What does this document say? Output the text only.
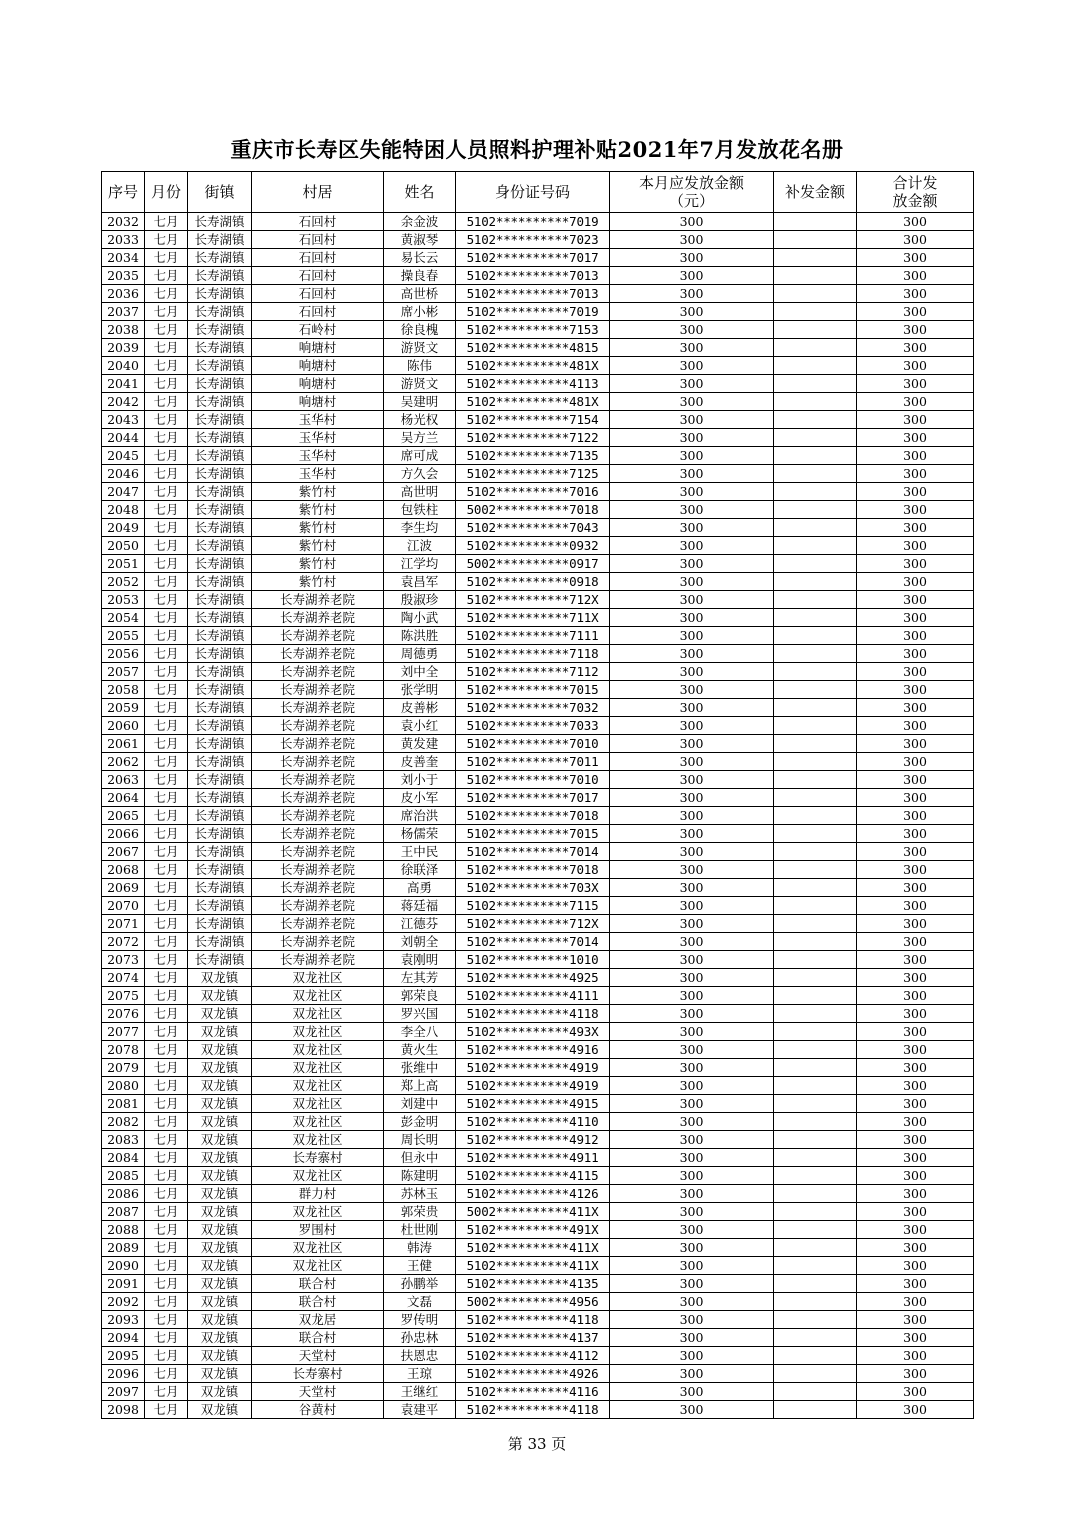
重庆市长寿区失能特困人员照料护理补贴2021年7月发放花名册
序号	月份	街镇	村居	姓名	身份证号码	本月应发放金额（元）	补发金额	合计发放金额
2032	七月	长寿湖镇	石回村	余金波	5102**********7019	300		300
2033	七月	长寿湖镇	石回村	黄淑琴	5102**********7023	300		300
2034	七月	长寿湖镇	石回村	易长云	5102**********7017	300		300
2035	七月	长寿湖镇	石回村	操良春	5102**********7013	300		300
2036	七月	长寿湖镇	石回村	高世桥	5102**********7013	300		300
2037	七月	长寿湖镇	石回村	席小彬	5102**********7019	300		300
2038	七月	长寿湖镇	石岭村	徐良槐	5102**********7153	300		300
2039	七月	长寿湖镇	响塘村	游贤文	5102**********4815	300		300
2040	七月	长寿湖镇	响塘村	陈伟	5102**********481X	300		300
2041	七月	长寿湖镇	响塘村	游贤文	5102**********4113	300		300
2042	七月	长寿湖镇	响塘村	吴建明	5102**********481X	300		300
2043	七月	长寿湖镇	玉华村	杨光权	5102**********7154	300		300
2044	七月	长寿湖镇	玉华村	吴方兰	5102**********7122	300		300
2045	七月	长寿湖镇	玉华村	席可成	5102**********7135	300		300
2046	七月	长寿湖镇	玉华村	方久会	5102**********7125	300		300
2047	七月	长寿湖镇	紫竹村	高世明	5102**********7016	300		300
2048	七月	长寿湖镇	紫竹村	包铁柱	5002**********7018	300		300
2049	七月	长寿湖镇	紫竹村	李生均	5102**********7043	300		300
2050	七月	长寿湖镇	紫竹村	江波	5102**********0932	300		300
2051	七月	长寿湖镇	紫竹村	江学均	5002**********0917	300		300
2052	七月	长寿湖镇	紫竹村	袁昌军	5102**********0918	300		300
2053	七月	长寿湖镇	长寿湖养老院	殷淑珍	5102**********712X	300		300
2054	七月	长寿湖镇	长寿湖养老院	陶小武	5102**********711X	300		300
2055	七月	长寿湖镇	长寿湖养老院	陈洪胜	5102**********7111	300		300
2056	七月	长寿湖镇	长寿湖养老院	周德勇	5102**********7118	300		300
2057	七月	长寿湖镇	长寿湖养老院	刘中全	5102**********7112	300		300
2058	七月	长寿湖镇	长寿湖养老院	张学明	5102**********7015	300		300
2059	七月	长寿湖镇	长寿湖养老院	皮善彬	5102**********7032	300		300
2060	七月	长寿湖镇	长寿湖养老院	袁小红	5102**********7033	300		300
2061	七月	长寿湖镇	长寿湖养老院	黄发建	5102**********7010	300		300
2062	七月	长寿湖镇	长寿湖养老院	皮善奎	5102**********7011	300		300
2063	七月	长寿湖镇	长寿湖养老院	刘小于	5102**********7010	300		300
2064	七月	长寿湖镇	长寿湖养老院	皮小军	5102**********7017	300		300
2065	七月	长寿湖镇	长寿湖养老院	席治洪	5102**********7018	300		300
2066	七月	长寿湖镇	长寿湖养老院	杨儒荣	5102**********7015	300		300
2067	七月	长寿湖镇	长寿湖养老院	王中民	5102**********7014	300		300
2068	七月	长寿湖镇	长寿湖养老院	徐联泽	5102**********7018	300		300
2069	七月	长寿湖镇	长寿湖养老院	高勇	5102**********703X	300		300
2070	七月	长寿湖镇	长寿湖养老院	蒋廷福	5102**********7115	300		300
2071	七月	长寿湖镇	长寿湖养老院	江德芬	5102**********712X	300		300
2072	七月	长寿湖镇	长寿湖养老院	刘朝全	5102**********7014	300		300
2073	七月	长寿湖镇	长寿湖养老院	袁刚明	5102**********1010	300		300
2074	七月	双龙镇	双龙社区	左其芳	5102**********4925	300		300
2075	七月	双龙镇	双龙社区	郭荣良	5102**********4111	300		300
2076	七月	双龙镇	双龙社区	罗兴国	5102**********4118	300		300
2077	七月	双龙镇	双龙社区	李全八	5102**********493X	300		300
2078	七月	双龙镇	双龙社区	黄火生	5102**********4916	300		300
2079	七月	双龙镇	双龙社区	张维中	5102**********4919	300		300
2080	七月	双龙镇	双龙社区	郑上高	5102**********4919	300		300
2081	七月	双龙镇	双龙社区	刘建中	5102**********4915	300		300
2082	七月	双龙镇	双龙社区	彭金明	5102**********4110	300		300
2083	七月	双龙镇	双龙社区	周长明	5102**********4912	300		300
2084	七月	双龙镇	长寿寨村	但永中	5102**********4911	300		300
2085	七月	双龙镇	双龙社区	陈建明	5102**********4115	300		300
2086	七月	双龙镇	群力村	苏林玉	5102**********4126	300		300
2087	七月	双龙镇	双龙社区	郭荣贵	5002**********411X	300		300
2088	七月	双龙镇	罗围村	杜世刚	5102**********491X	300		300
2089	七月	双龙镇	双龙社区	韩涛	5102**********411X	300		300
2090	七月	双龙镇	双龙社区	王健	5102**********411X	300		300
2091	七月	双龙镇	联合村	孙鹏举	5102**********4135	300		300
2092	七月	双龙镇	联合村	文磊	5002**********4956	300		300
2093	七月	双龙镇	双龙居	罗传明	5102**********4118	300		300
2094	七月	双龙镇	联合村	孙忠林	5102**********4137	300		300
2095	七月	双龙镇	天堂村	扶恩忠	5102**********4112	300		300
2096	七月	双龙镇	长寿寨村	王琼	5102**********4926	300		300
2097	七月	双龙镇	天堂村	王继红	5102**********4116	300		300
2098	七月	双龙镇	谷黄村	袁建平	5102**********4118	300		300
第 33 页
